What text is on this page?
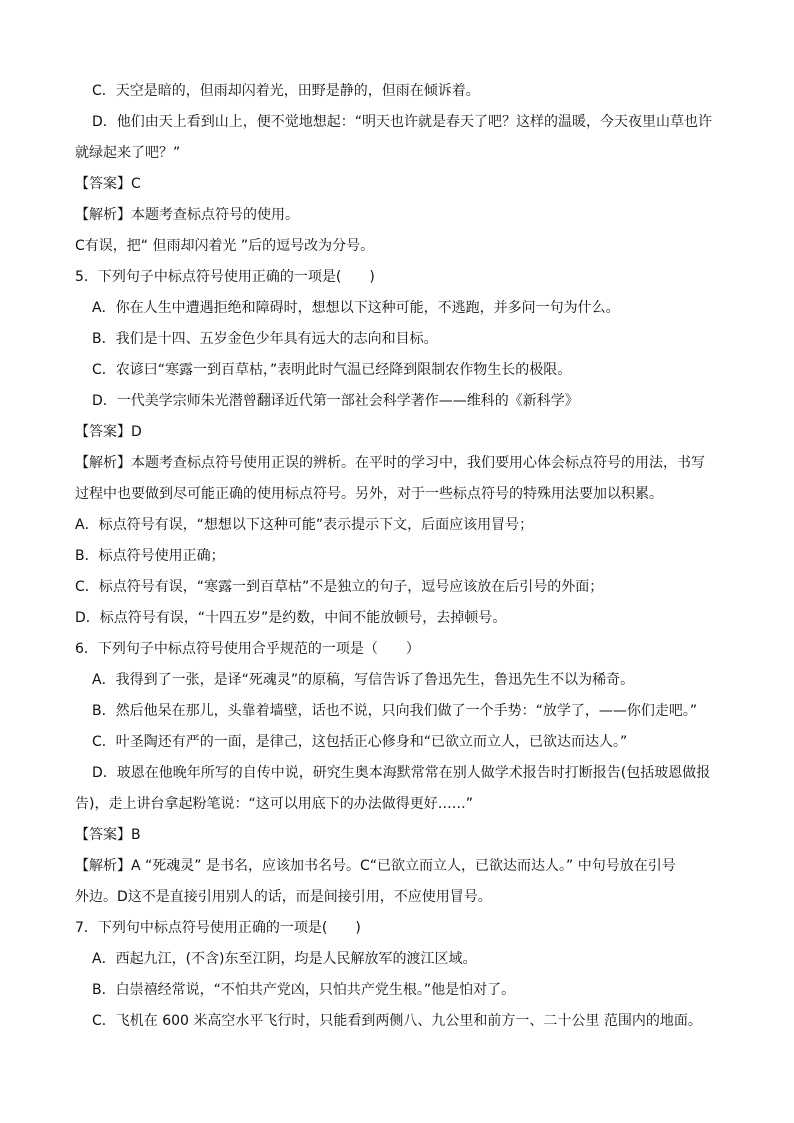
C．天空是暗的，但雨却闪着光，田野是静的，但雨在倾诉着。
D．他们由天上看到山上，便不觉地想起：“明天也许就是春天了吧？这样的温暖，今天夜里山草也许
就绿起来了吧？”
【答案】C
【解析】本题考查标点符号的使用。
C有误，把“ 但雨却闪着光 ”后的逗号改为分号。
5．下列句子中标点符号使用正确的一项是(　　)
A．你在人生中遭遇拒绝和障碍时，想想以下这种可能，不逃跑，并多问一句为什么。
B．我们是十四、五岁金色少年具有远大的志向和目标。
C．农谚曰“寒露一到百草枯，”表明此时气温已经降到限制农作物生长的极限。
D．一代美学宗师朱光潜曾翻译近代第一部社会科学著作——维科的《新科学》
【答案】D
【解析】本题考查标点符号使用正误的辨析。在平时的学习中，我们要用心体会标点符号的用法，书写
过程中也要做到尽可能正确的使用标点符号。另外，对于一些标点符号的特殊用法要加以积累。
A．标点符号有误，“想想以下这种可能”表示提示下文，后面应该用冒号；
B．标点符号使用正确；
C．标点符号有误，“寒露一到百草枯”不是独立的句子，逗号应该放在后引号的外面；
D．标点符号有误，“十四五岁”是约数，中间不能放顿号，去掉顿号。
6．下列句子中标点符号使用合乎规范的一项是（　　）
A．我得到了一张，是译“死魂灵”的原稿，写信告诉了鲁迅先生，鲁迅先生不以为稀奇。
B．然后他呆在那儿，头靠着墙壁，话也不说，只向我们做了一个手势：“放学了，——你们走吧。”
C．叶圣陶还有严的一面，是律己，这包括正心修身和“已欲立而立人，已欲达而达人。”
D．玻恩在他晚年所写的自传中说，研究生奥本海默常常在别人做学术报告时打断报告(包括玻恩做报
告)，走上讲台拿起粉笔说：“这可以用底下的办法做得更好……”
【答案】B
【解析】A “死魂灵” 是书名，应该加书名号。C“已欲立而立人，已欲达而达人。” 中句号放在引号
外边。D这不是直接引用别人的话，而是间接引用，不应使用冒号。
7．下列句中标点符号使用正确的一项是(　　)
A．西起九江，(不含)东至江阴，均是人民解放军的渡江区域。
B．白崇禧经常说，“不怕共产党凶，只怕共产党生根。”他是怕对了。
C．飞机在 600 米高空水平飞行时，只能看到两侧八、九公里和前方一、二十公里 范围内的地面。
